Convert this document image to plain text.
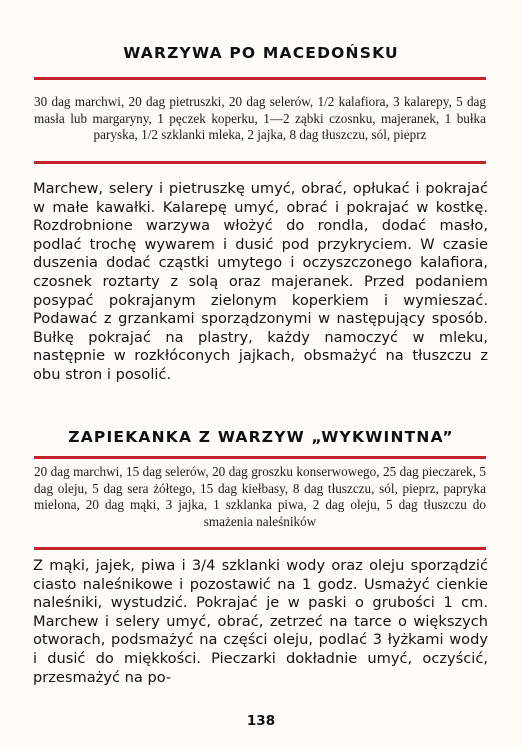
WARZYWA PO MACEDOŃSKU

30 dag marchwi, 20 dag pietruszki, 20 dag selerów, 1/2 kalafiora, 3 kalarepy, 5 dag masła lub margaryny, 1 pęczek koperku, 1—2 ząbki czosnku, majeranek, 1 bułka paryska, 1/2 szklanki mleka, 2 jajka, 8 dag tłuszczu, sól, pieprz

Marchew, selery i pietruszkę umyć, obrać, opłukać i pokrajać w małe kawałki. Kalarepę umyć, obrać i pokrajać w kostkę. Rozdrobnione warzywa włożyć do rondla, dodać masło, podlać trochę wywarem i dusić pod przykryciem. W czasie duszenia dodać cząstki umytego i oczyszczonego kalafiora, czosnek roztarty z solą oraz majeranek. Przed podaniem posypać pokrajanym zielonym koperkiem i wymieszać. Podawać z grzankami sporządzonymi w następujący sposób. Bułkę pokrajać na plastry, każdy namoczyć w mleku, następnie w rozkłóconych jajkach, obsmażyć na tłuszczu z obu stron i posolić.

ZAPIEKANKA Z WARZYW „WYKWINTNA”

20 dag marchwi, 15 dag selerów, 20 dag groszku konserwowego, 25 dag pieczarek, 5 dag oleju, 5 dag sera żółtego, 15 dag kiełbasy, 8 dag tłuszczu, sól, pieprz, papryka mielona, 20 dag mąki, 3 jajka, 1 szklanka piwa, 2 dag oleju, 5 dag tłuszczu do smażenia naleśników

Z mąki, jajek, piwa i 3/4 szklanki wody oraz oleju sporządzić ciasto naleśnikowe i pozostawić na 1 godz. Usmażyć cienkie naleśniki, wystudzić. Pokrajać je w paski o grubości 1 cm. Marchew i selery umyć, obrać, zetrzeć na tarce o większych otworach, podsmażyć na części oleju, podlać 3 łyżkami wody i dusić do miękkości. Pieczarki dokładnie umyć, oczyścić, przesmażyć na po-

138
